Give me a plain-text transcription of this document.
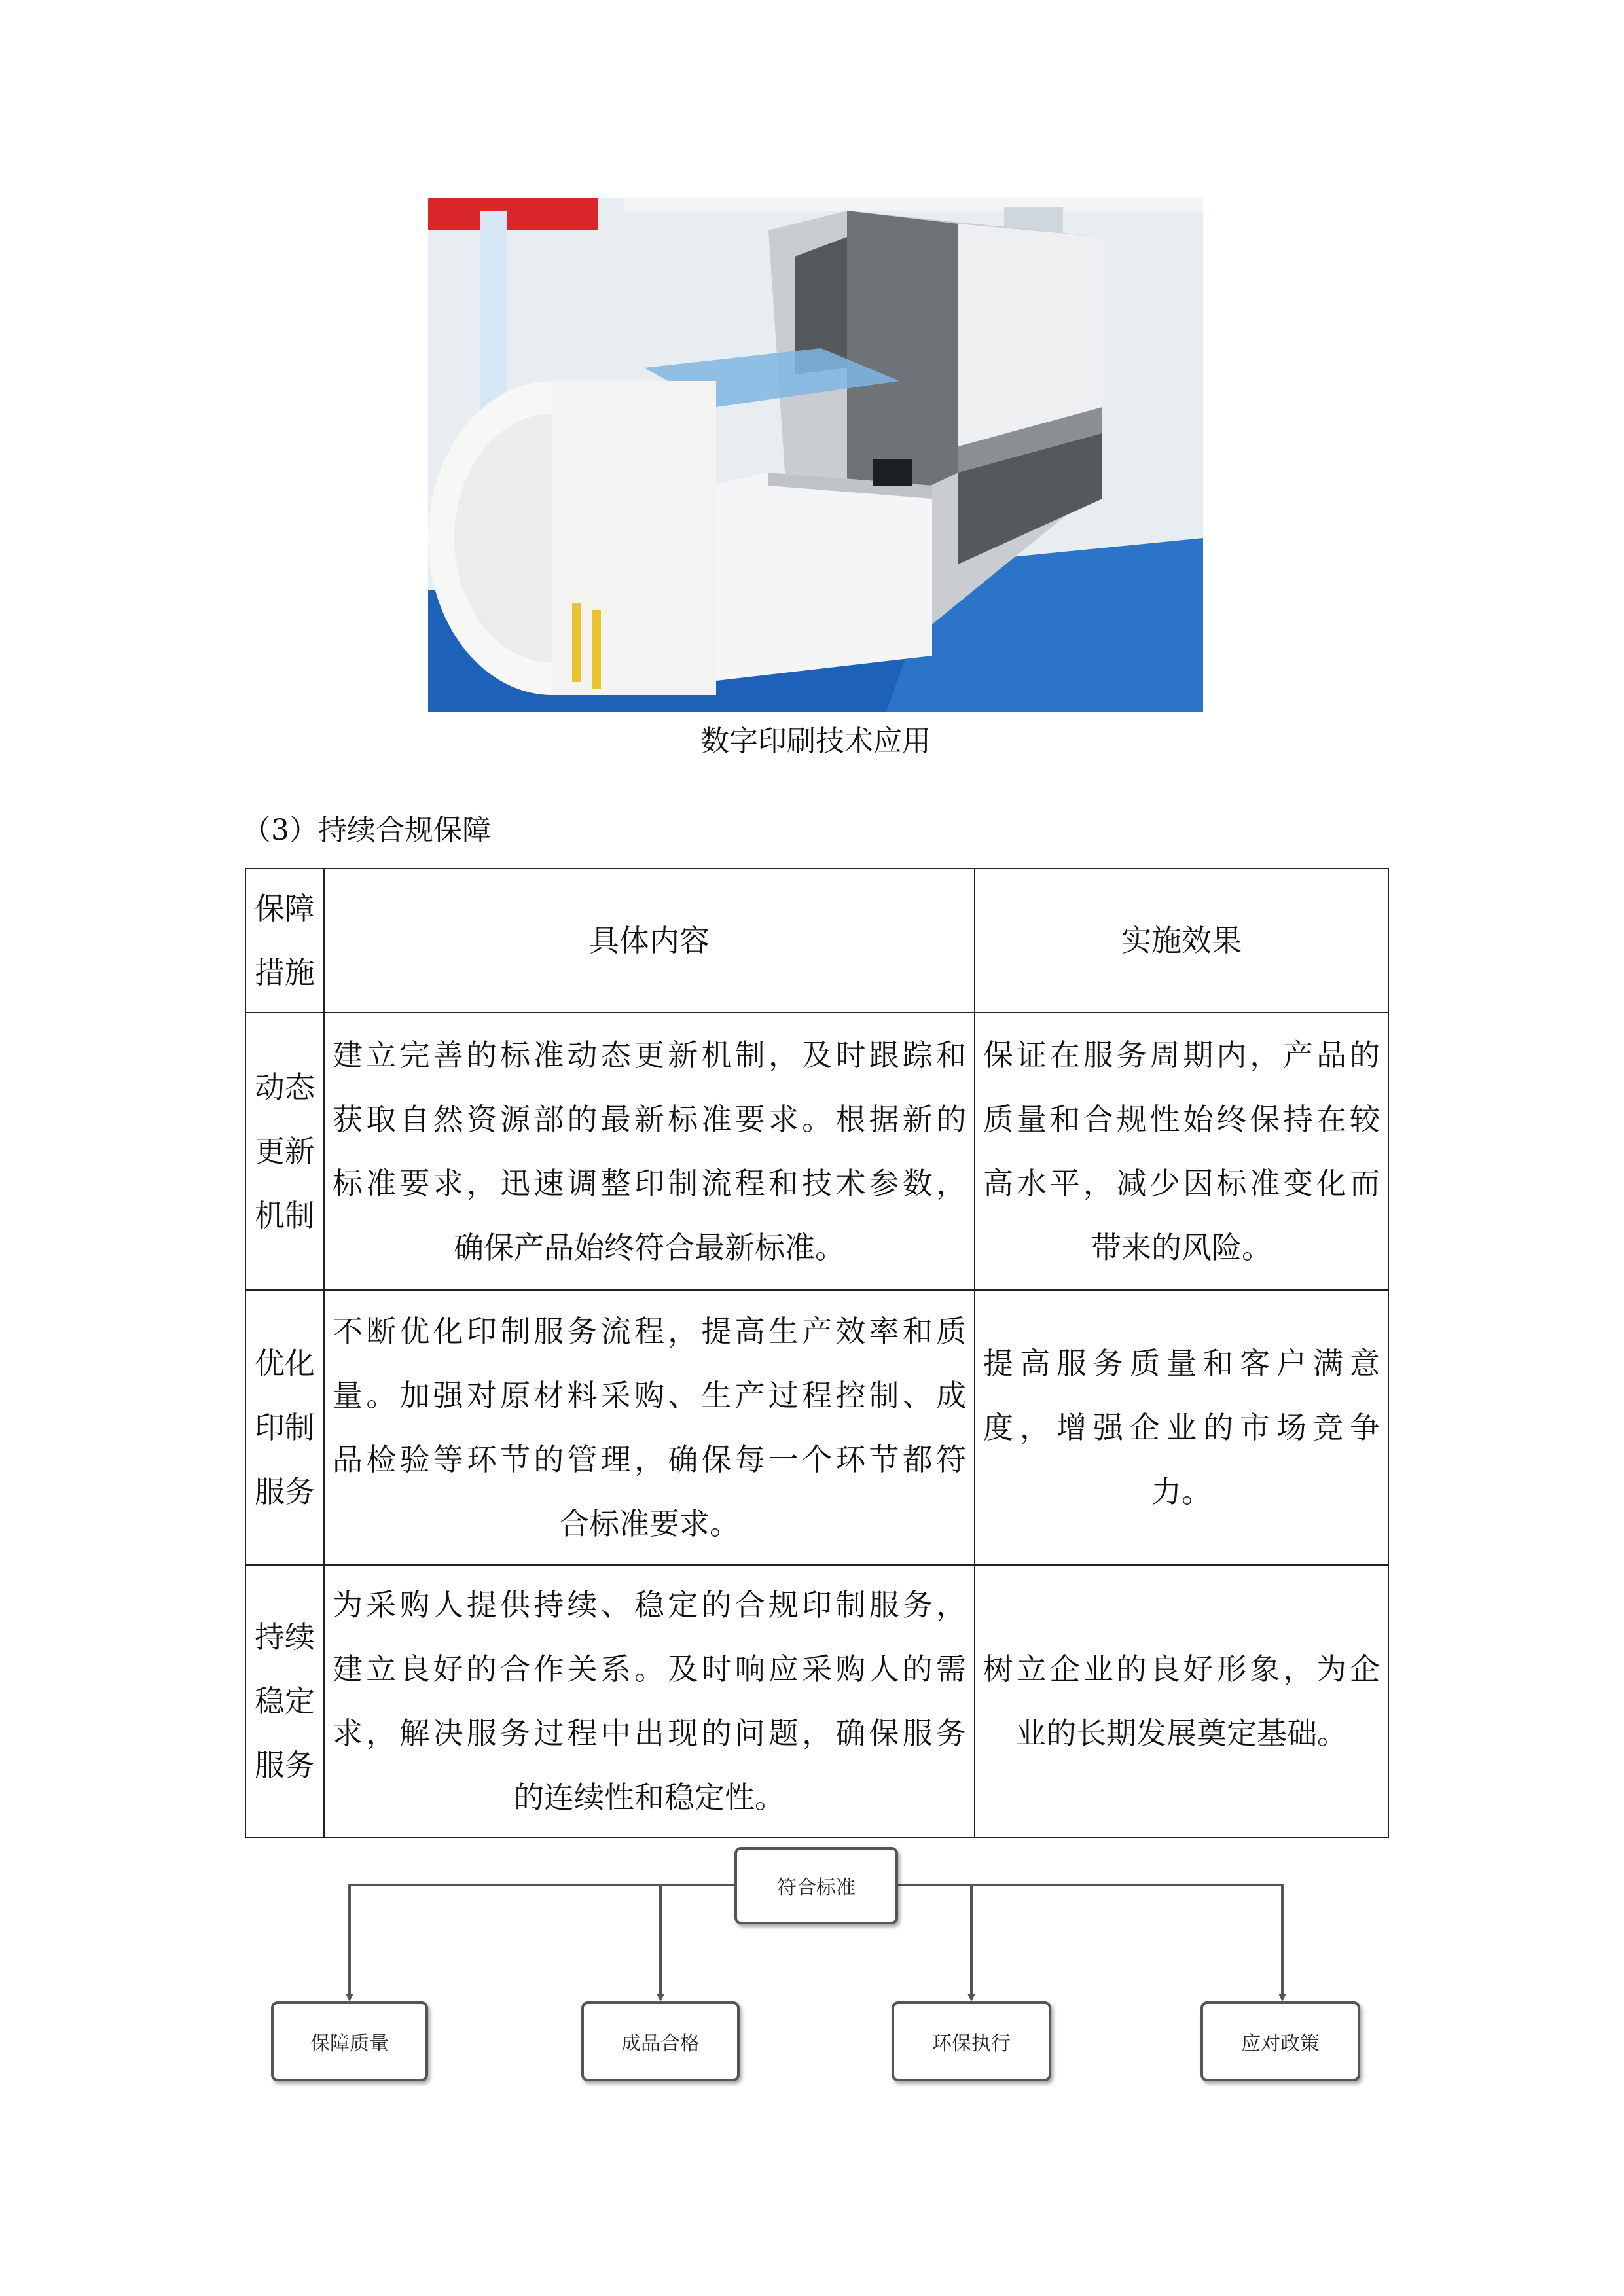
数字印刷技术应用
（3）持续合规保障
保障
措施	具体内容	实施效果

动态
更新
机制	建立完善的标准动态更新机制，及时跟踪和
获取自然资源部的最新标准要求。根据新的
标准要求，迅速调整印制流程和技术参数，
确保产品始终符合最新标准。	保证在服务周期内，产品的
质量和合规性始终保持在较
高水平，减少因标准变化而
带来的风险。

优化
印制
服务	不断优化印制服务流程，提高生产效率和质
量。加强对原材料采购、生产过程控制、成
品检验等环节的管理，确保每一个环节都符
合标准要求。	提高服务质量和客户满意
度，增强企业的市场竞争
力。

持续
稳定
服务	为采购人提供持续、稳定的合规印制服务，
建立良好的合作关系。及时响应采购人的需
求，解决服务过程中出现的问题，确保服务
的连续性和稳定性。	树立企业的良好形象，为企
业的长期发展奠定基础。
符合标准
保障质量	成品合格	环保执行	应对政策
